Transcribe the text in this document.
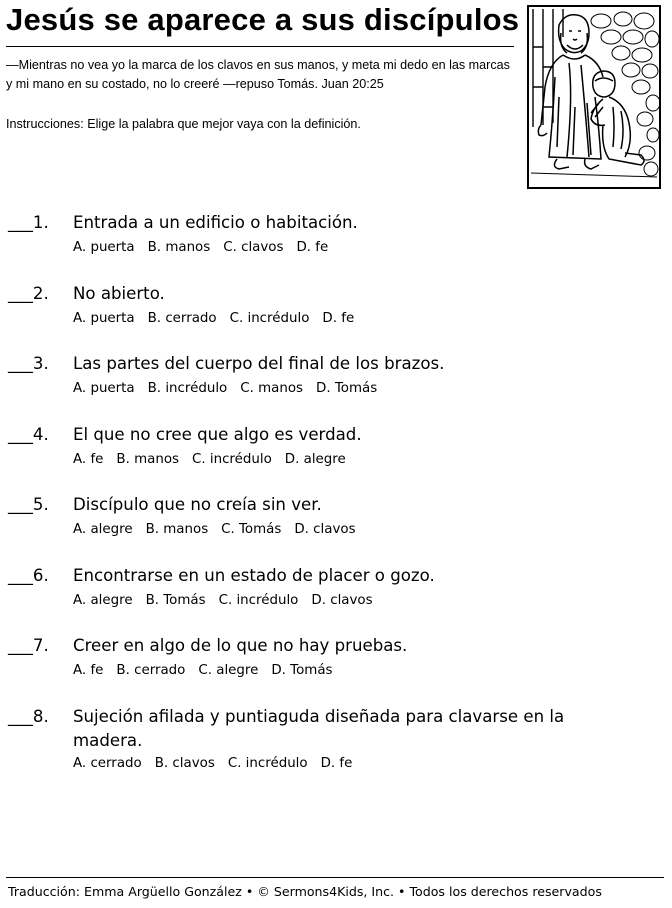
Jesús se aparece a sus discípulos
—Mientras no vea yo la marca de los clavos en sus manos, y meta mi dedo en las marcas y mi mano en su costado, no lo creeré —repuso Tomás. Juan 20:25
Instrucciones: Elige la palabra que mejor vaya con la definición.
___1.	Entrada a un edificio o habitación.
A. puerta B. manos C. clavos D. fe
___2.	No abierto.
A. puerta B. cerrado C. incrédulo D. fe
___3.	Las partes del cuerpo del final de los brazos.
A. puerta B. incrédulo C. manos D. Tomás
___4.	El que no cree que algo es verdad.
A. fe B. manos C. incrédulo D. alegre
___5.	Discípulo que no creía sin ver.
A. alegre B. manos C. Tomás D. clavos
___6.	Encontrarse en un estado de placer o gozo.
A. alegre B. Tomás C. incrédulo D. clavos
___7.	Creer en algo de lo que no hay pruebas.
A. fe B. cerrado C. alegre D. Tomás
___8.	Sujeción afilada y puntiaguda diseñada para clavarse en la madera.
A. cerrado B. clavos C. incrédulo D. fe
Traducción: Emma Argüello González • © Sermons4Kids, Inc. • Todos los derechos reservados
